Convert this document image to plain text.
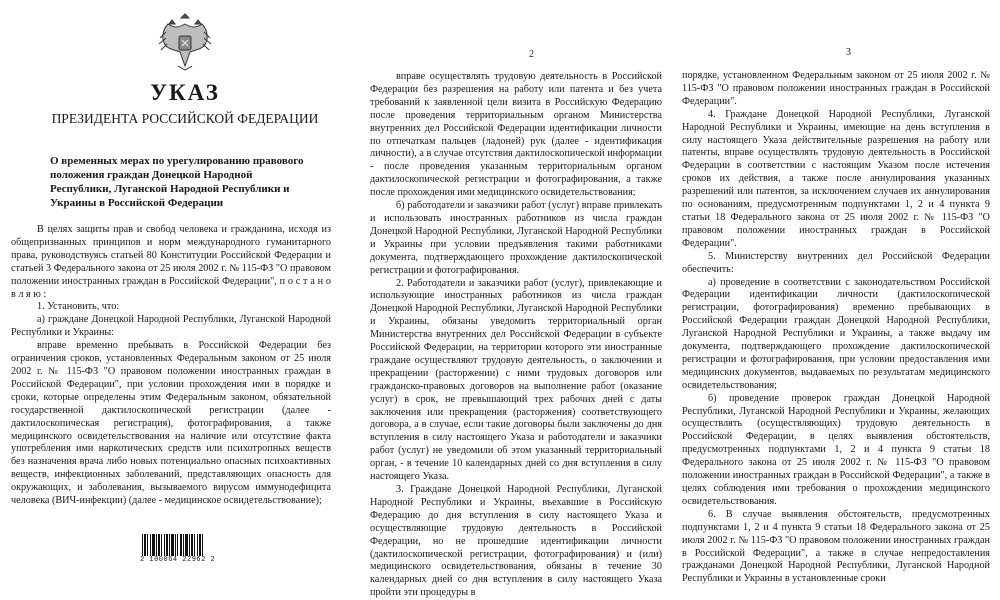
УКАЗ
ПРЕЗИДЕНТА РОССИЙСКОЙ ФЕДЕРАЦИИ
О временных мерах по урегулированию правового положения граждан Донецкой Народной Республики, Луганской Народной Республики и Украины в Российской Федерации

В целях защиты прав и свобод человека и гражданина, исходя из общепризнанных принципов и норм международного гуманитарного права, руководствуясь статьей 80 Конституции Российской Федерации и статьей 3 Федерального закона от 25 июля 2002 г. № 115-ФЗ "О правовом положении иностранных граждан в Российской Федерации", п о с т а н о в л я ю :

1. Установить, что:

а) граждане Донецкой Народной Республики, Луганской Народной Республики и Украины:

вправе временно пребывать в Российской Федерации без ограничения сроков, установленных Федеральным законом от 25 июля 2002 г. № 115-ФЗ "О правовом положении иностранных граждан в Российской Федерации", при условии прохождения ими в порядке и сроки, которые определены этим Федеральным законом, обязательной государственной дактилоскопической регистрации (далее - дактилоскопическая регистрация), фотографирования, а также медицинского освидетельствования на наличие или отсутствие факта употребления ими наркотических средств или психотропных веществ без назначения врача либо новых потенциально опасных психоактивных веществ, инфекционных заболеваний, представляющих опасность для окружающих, и заболевания, вызываемого вирусом иммунодефицита человека (ВИЧ-инфекции) (далее - медицинское освидетельствование);

2 100064 22962 2
2

вправе осуществлять трудовую деятельность в Российской Федерации без разрешения на работу или патента и без учета требований к заявленной цели визита в Российскую Федерацию после проведения территориальным органом Министерства внутренних дел Российской Федерации идентификации личности по отпечаткам пальцев (ладоней) рук (далее - идентификация личности), а в случае отсутствия дактилоскопической информации - после проведения указанным территориальным органом дактилоскопической регистрации и фотографирования, а также после прохождения ими медицинского освидетельствования;

б) работодатели и заказчики работ (услуг) вправе привлекать и использовать иностранных работников из числа граждан Донецкой Народной Республики, Луганской Народной Республики и Украины при условии предъявления такими работниками документа, подтверждающего прохождение дактилоскопической регистрации и фотографирования.

2. Работодатели и заказчики работ (услуг), привлекающие и использующие иностранных работников из числа граждан Донецкой Народной Республики, Луганской Народной Республики и Украины, обязаны уведомить территориальный орган Министерства внутренних дел Российской Федерации в субъекте Российской Федерации, на территории которого эти иностранные граждане осуществляют трудовую деятельность, о заключении и прекращении (расторжении) с ними трудовых договоров или гражданско-правовых договоров на выполнение работ (оказание услуг) в срок, не превышающий трех рабочих дней с даты заключения или прекращения (расторжения) соответствующего договора, а в случае, если такие договоры были заключены до дня вступления в силу настоящего Указа и работодатели и заказчики работ (услуг) не уведомили об этом указанный территориальный орган, - в течение 10 календарных дней со дня вступления в силу настоящего Указа.

3. Граждане Донецкой Народной Республики, Луганской Народной Республики и Украины, въехавшие в Российскую Федерацию до дня вступления в силу настоящего Указа и осуществляющие трудовую деятельность в Российской Федерации, но не прошедшие идентификации личности (дактилоскопической регистрации, фотографирования) и (или) медицинского освидетельствования, обязаны в течение 30 календарных дней со дня вступления в силу настоящего Указа пройти эти процедуры в

3

порядке, установленном Федеральным законом от 25 июля 2002 г. № 115-ФЗ "О правовом положении иностранных граждан в Российской Федерации".

4. Граждане Донецкой Народной Республики, Луганской Народной Республики и Украины, имеющие на день вступления в силу настоящего Указа действительные разрешения на работу или патенты, вправе осуществлять трудовую деятельность в Российской Федерации в соответствии с настоящим Указом после истечения сроков их действия, а также после аннулирования указанных разрешений или патентов, за исключением случаев их аннулирования по основаниям, предусмотренным подпунктами 1, 2 и 4 пункта 9 статьи 18 Федерального закона от 25 июля 2002 г. № 115-ФЗ "О правовом положении иностранных граждан в Российской Федерации".

5. Министерству внутренних дел Российской Федерации обеспечить:

а) проведение в соответствии с законодательством Российской Федерации идентификации личности (дактилоскопической регистрации, фотографирования) временно пребывающих в Российской Федерации граждан Донецкой Народной Республики, Луганской Народной Республики и Украины, а также выдачу им документа, подтверждающего прохождение дактилоскопической регистрации и фотографирования, при условии предоставления ими медицинских документов, выдаваемых по результатам медицинского освидетельствования;

б) проведение проверок граждан Донецкой Народной Республики, Луганской Народной Республики и Украины, желающих осуществлять (осуществляющих) трудовую деятельность в Российской Федерации, в целях выявления обстоятельств, предусмотренных подпунктами 1, 2 и 4 пункта 9 статьи 18 Федерального закона от 25 июля 2002 г. № 115-ФЗ "О правовом положении иностранных граждан в Российской Федерации", а также в целях соблюдения ими требования о прохождении медицинского освидетельствования.

6. В случае выявления обстоятельств, предусмотренных подпунктами 1, 2 и 4 пункта 9 статьи 18 Федерального закона от 25 июля 2002 г. № 115-ФЗ "О правовом положении иностранных граждан в Российской Федерации", а также в случае непредоставления гражданами Донецкой Народной Республики, Луганской Народной Республики и Украины в установленные сроки
